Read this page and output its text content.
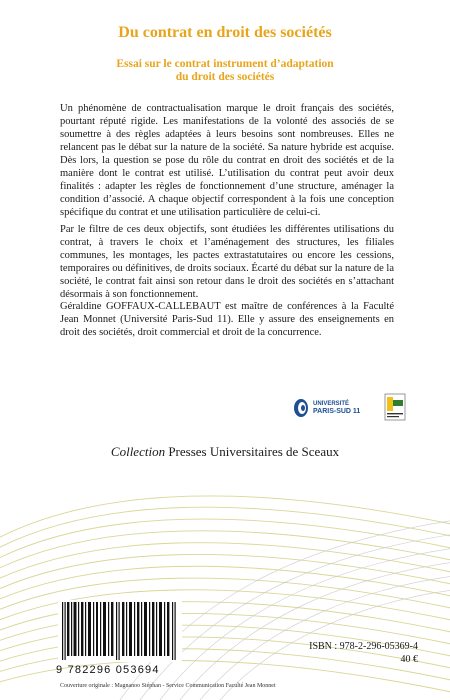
Du contrat en droit des sociétés
Essai sur le contrat instrument d’adaptation
du droit des sociétés

Un phénomène de contractualisation marque le droit français des sociétés, pourtant réputé rigide. Les manifestations de la volonté des associés de se soumettre à des règles adaptées à leurs besoins sont nombreuses. Elles ne relancent pas le débat sur la nature de la société. Sa nature hybride est acquise. Dès lors, la question se pose du rôle du contrat en droit des sociétés et de la manière dont le contrat est utilisé. L’utilisation du contrat peut avoir deux finalités : adapter les règles de fonctionnement d’une structure, aménager la condition d’associé. A chaque objectif correspondent à la fois une conception spécifique du contrat et une utilisation particulière de celui-ci.

Par le filtre de ces deux objectifs, sont étudiées les différentes utilisations du contrat, à travers le choix et l’aménagement des structures, les filiales communes, les montages, les pactes extrastatutaires ou encore les cessions, temporaires ou définitives, de droits sociaux. Écarté du débat sur la nature de la société, le contrat fait ainsi son retour dans le droit des sociétés en s’attachant désormais à son fonctionnement.

Géraldine GOFFAUX-CALLEBAUT est maître de conférences à la Faculté Jean Monnet (Université Paris-Sud 11). Elle y assure des enseignements en droit des sociétés, droit commercial et droit de la concurrence.

UNIVERSITÉ
PARIS-SUD 11
Collection Presses Universitaires de Sceaux
9 782296 053694
ISBN : 978-2-296-05369-4
40 €
Couverture originale : Magnanoo Stéphan - Service Communication Faculté Jean Monnet
